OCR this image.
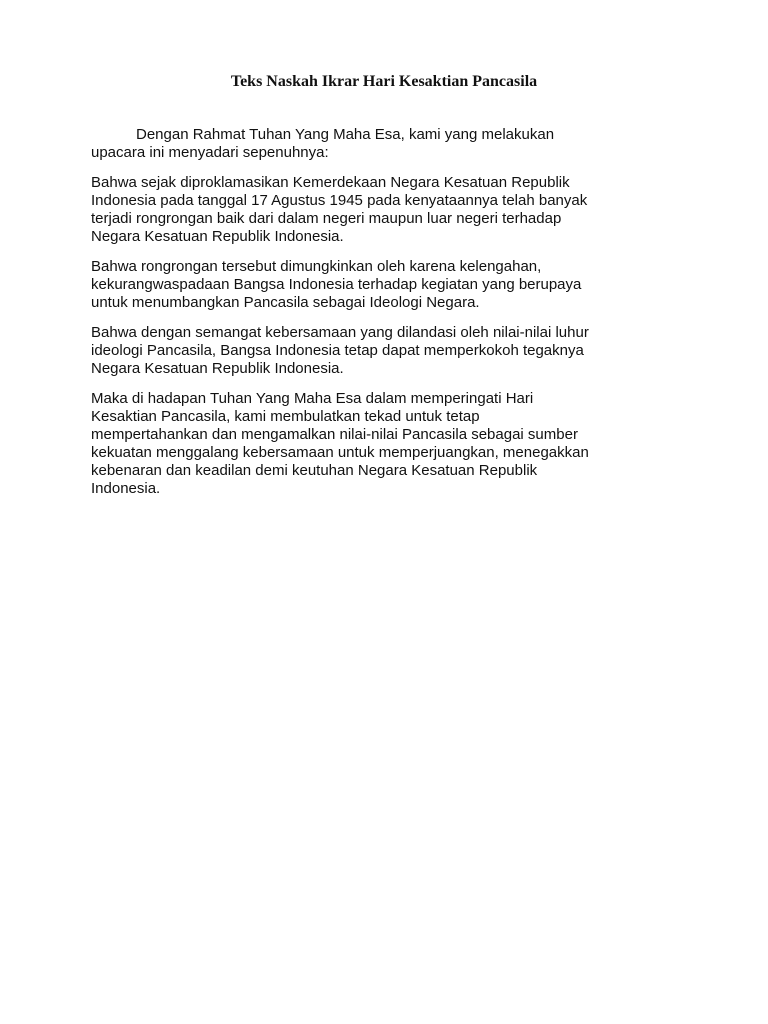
Teks Naskah Ikrar Hari Kesaktian Pancasila

Dengan Rahmat Tuhan Yang Maha Esa, kami yang melakukan
upacara ini menyadari sepenuhnya:

Bahwa sejak diproklamasikan Kemerdekaan Negara Kesatuan Republik
Indonesia pada tanggal 17 Agustus 1945 pada kenyataannya telah banyak
terjadi rongrongan baik dari dalam negeri maupun luar negeri terhadap
Negara Kesatuan Republik Indonesia.

Bahwa rongrongan tersebut dimungkinkan oleh karena kelengahan,
kekurangwaspadaan Bangsa Indonesia terhadap kegiatan yang berupaya
untuk menumbangkan Pancasila sebagai Ideologi Negara.

Bahwa dengan semangat kebersamaan yang dilandasi oleh nilai-nilai luhur
ideologi Pancasila, Bangsa Indonesia tetap dapat memperkokoh tegaknya
Negara Kesatuan Republik Indonesia.

Maka di hadapan Tuhan Yang Maha Esa dalam memperingati Hari
Kesaktian Pancasila, kami membulatkan tekad untuk tetap
mempertahankan dan mengamalkan nilai-nilai Pancasila sebagai sumber
kekuatan menggalang kebersamaan untuk memperjuangkan, menegakkan
kebenaran dan keadilan demi keutuhan Negara Kesatuan Republik
Indonesia.
